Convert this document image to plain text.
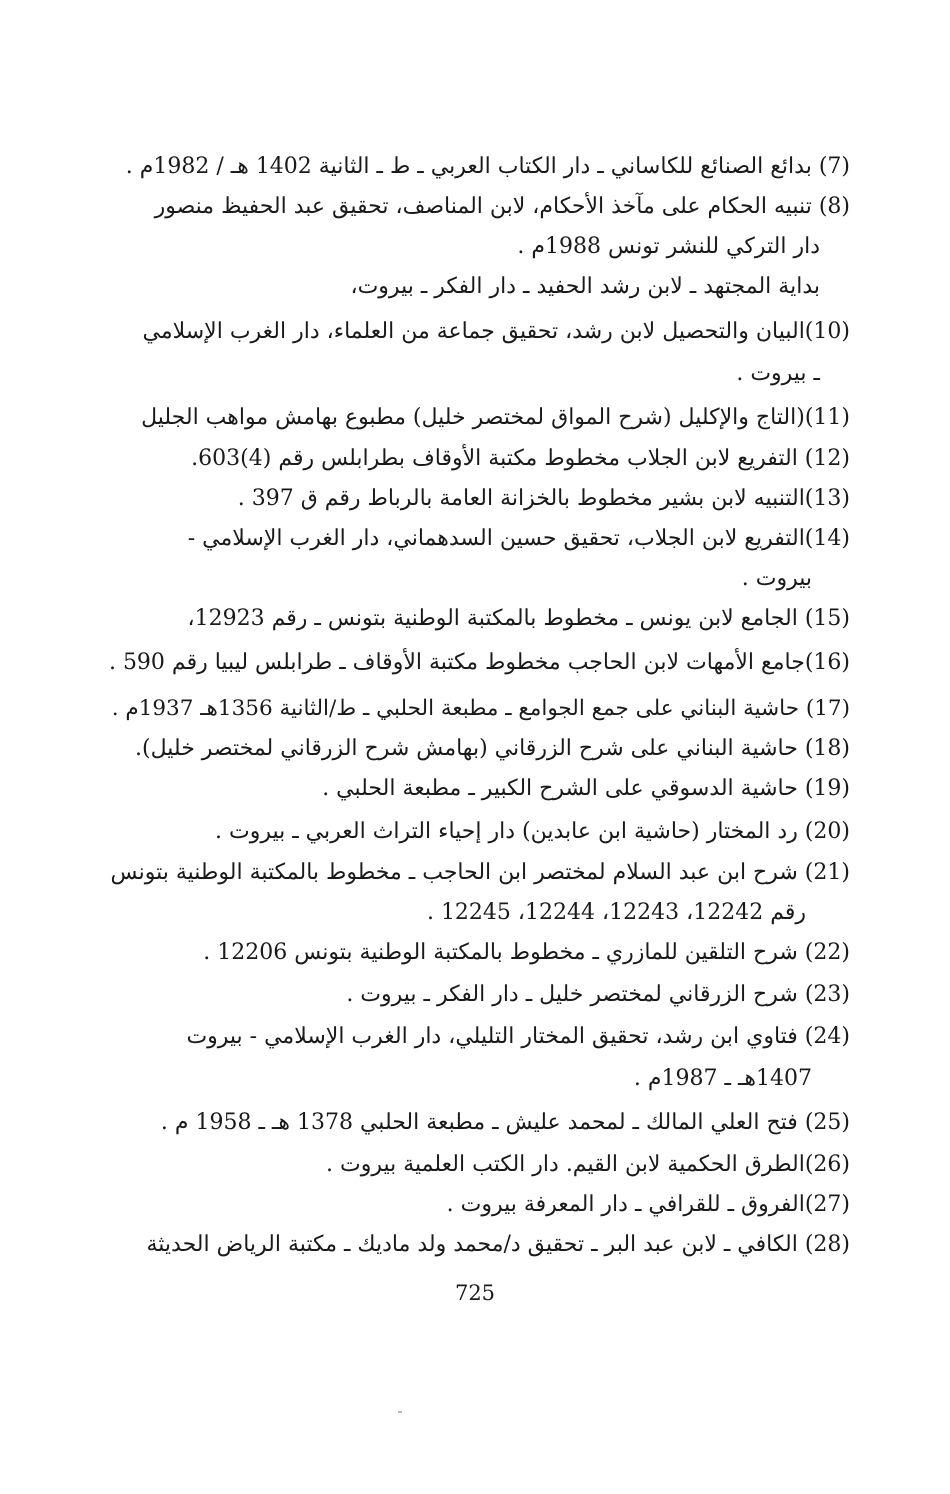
(7) بدائع الصنائع للكاساني ـ دار الكتاب العربي ـ ط ـ الثانية 1402 هـ / 1982م .
(8) تنبيه الحكام على مآخذ الأحكام، لابن المناصف، تحقيق عبد الحفيظ منصور
دار التركي للنشر تونس 1988م .
بداية المجتهد ـ لابن رشد الحفيد ـ دار الفكر ـ بيروت،
(10)البيان والتحصيل لابن رشد، تحقيق جماعة من العلماء، دار الغرب الإسلامي
ـ بيروت .
(11)(التاج والإكليل (شرح المواق لمختصر خليل) مطبوع بهامش مواهب الجليل
(12) التفريع لابن الجلاب مخطوط مكتبة الأوقاف بطرابلس رقم (4)603.
(13)التنبيه لابن بشير مخطوط بالخزانة العامة بالرباط رقم ق 397 .
(14)التفريع لابن الجلاب، تحقيق حسين السدهماني، دار الغرب الإسلامي -
بيروت .
(15) الجامع لابن يونس ـ مخطوط بالمكتبة الوطنية بتونس ـ رقم 12923،
(16)جامع الأمهات لابن الحاجب مخطوط مكتبة الأوقاف ـ طرابلس ليبيا رقم 590 .
(17) حاشية البناني على جمع الجوامع ـ مطبعة الحلبي ـ ط/الثانية 1356هـ 1937م .
(18) حاشية البناني على شرح الزرقاني (بهامش شرح الزرقاني لمختصر خليل).
(19) حاشية الدسوقي على الشرح الكبير ـ مطبعة الحلبي .
(20) رد المختار (حاشية ابن عابدين) دار إحياء التراث العربي ـ بيروت .
(21) شرح ابن عبد السلام لمختصر ابن الحاجب ـ مخطوط بالمكتبة الوطنية بتونس
رقم 12242، 12243، 12244، 12245 .
(22) شرح التلقين للمازري ـ مخطوط بالمكتبة الوطنية بتونس 12206 .
(23) شرح الزرقاني لمختصر خليل ـ دار الفكر ـ بيروت .
(24) فتاوي ابن رشد، تحقيق المختار التليلي، دار الغرب الإسلامي - بيروت
1407هـ ـ 1987م .
(25) فتح العلي المالك ـ لمحمد عليش ـ مطبعة الحلبي 1378 هـ ـ 1958 م .
(26)الطرق الحكمية لابن القيم. دار الكتب العلمية بيروت .
(27)الفروق ـ للقرافي ـ دار المعرفة بيروت .
(28) الكافي ـ لابن عبد البر ـ تحقيق د/محمد ولد ماديك ـ مكتبة الرياض الحديثة
725
